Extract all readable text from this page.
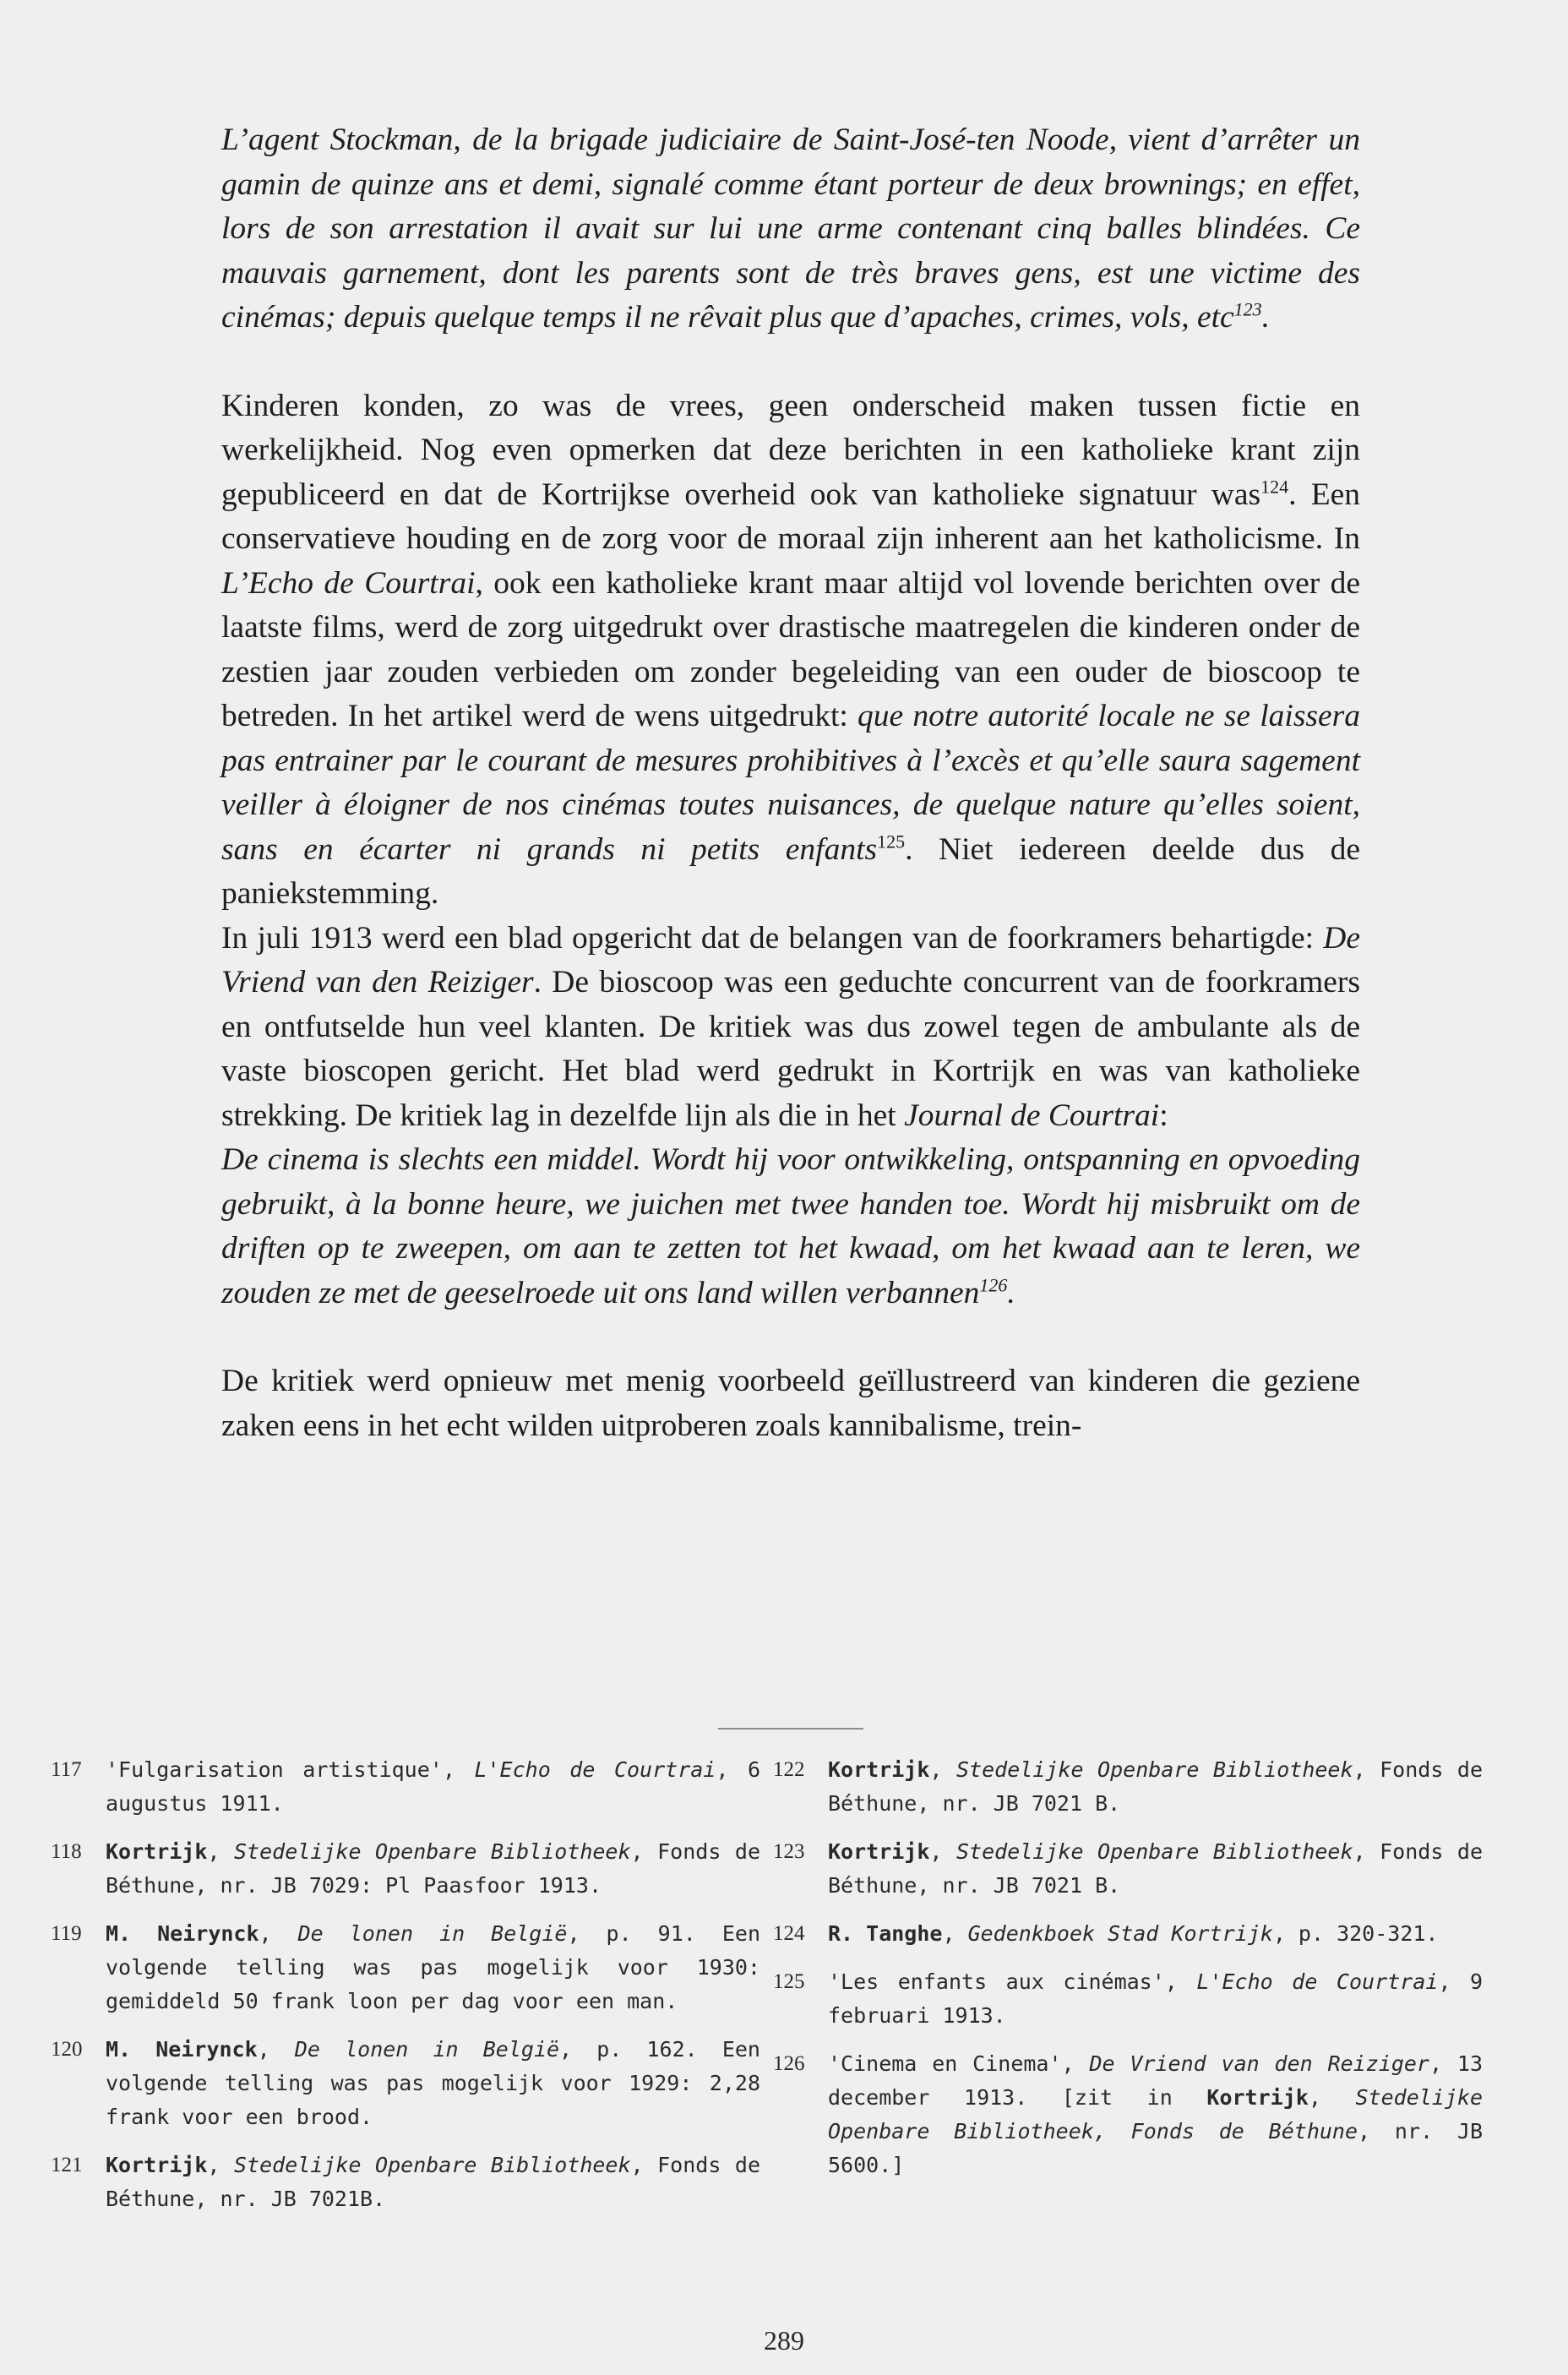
L’agent Stockman, de la brigade judiciaire de Saint-José-ten Noode, vient d’arrêter un gamin de quinze ans et demi, signalé comme étant porteur de deux brownings; en effet, lors de son arrestation il avait sur lui une arme contenant cinq balles blindées. Ce mauvais garnement, dont les parents sont de très braves gens, est une victime des cinémas; depuis quelque temps il ne rêvait plus que d’apaches, crimes, vols, etc$^{123}$.

Kinderen konden, zo was de vrees, geen onderscheid maken tussen fictie en werkelijkheid. Nog even opmerken dat deze berichten in een katholieke krant zijn gepubliceerd en dat de Kortrijkse overheid ook van katholieke signatuur was$^{124}$. Een conservatieve houding en de zorg voor de moraal zijn inherent aan het katholicisme. In L’Echo de Courtrai, ook een katholieke krant maar altijd vol lovende berichten over de laatste films, werd de zorg uitgedrukt over drastische maatregelen die kinderen onder de zestien jaar zouden verbieden om zonder begeleiding van een ouder de bioscoop te betreden. In het artikel werd de wens uitgedrukt: que notre autorité locale ne se laissera pas entrainer par le courant de mesures prohibitives à l’excès et qu’elle saura sagement veiller à éloigner de nos cinémas toutes nuisances, de quelque nature qu’elles soient, sans en écarter ni grands ni petits enfants$^{125}$. Niet iedereen deelde dus de paniekstemming.

In juli 1913 werd een blad opgericht dat de belangen van de foorkramers behartigde: De Vriend van den Reiziger. De bioscoop was een geduchte concurrent van de foorkramers en ontfutselde hun veel klanten. De kritiek was dus zowel tegen de ambulante als de vaste bioscopen gericht. Het blad werd gedrukt in Kortrijk en was van katholieke strekking. De kritiek lag in dezelfde lijn als die in het Journal de Courtrai:

De cinema is slechts een middel. Wordt hij voor ontwikkeling, ontspanning en opvoeding gebruikt, à la bonne heure, we juichen met twee handen toe. Wordt hij misbruikt om de driften op te zweepen, om aan te zetten tot het kwaad, om het kwaad aan te leren, we zouden ze met de geeselroede uit ons land willen verbannen$^{126}$.

De kritiek werd opnieuw met menig voorbeeld geïllustreerd van kinderen die geziene zaken eens in het echt wilden uitproberen zoals kannibalisme, trein-

117 'Fulgarisation artistique', L'Echo de Courtrai, 6 augustus 1911.
118 Kortrijk, Stedelijke Openbare Bibliotheek, Fonds de Béthune, nr. JB 7029: Pl Paasfoor 1913.
119 M. Neirynck, De lonen in België, p. 91. Een volgende telling was pas mogelijk voor 1930: gemiddeld 50 frank loon per dag voor een man.
120 M. Neirynck, De lonen in België, p. 162. Een volgende telling was pas mogelijk voor 1929: 2,28 frank voor een brood.
121 Kortrijk, Stedelijke Openbare Bibliotheek, Fonds de Béthune, nr. JB 7021B.
122 Kortrijk, Stedelijke Openbare Bibliotheek, Fonds de Béthune, nr. JB 7021 B.
123 Kortrijk, Stedelijke Openbare Bibliotheek, Fonds de Béthune, nr. JB 7021 B.
124 R. Tanghe, Gedenkboek Stad Kortrijk, p. 320-321.
125 'Les enfants aux cinémas', L'Echo de Courtrai, 9 februari 1913.
126 'Cinema en Cinema', De Vriend van den Reiziger, 13 december 1913. [zit in Kortrijk, Stedelijke Openbare Bibliotheek, Fonds de Béthune, nr. JB 5600.]
289
